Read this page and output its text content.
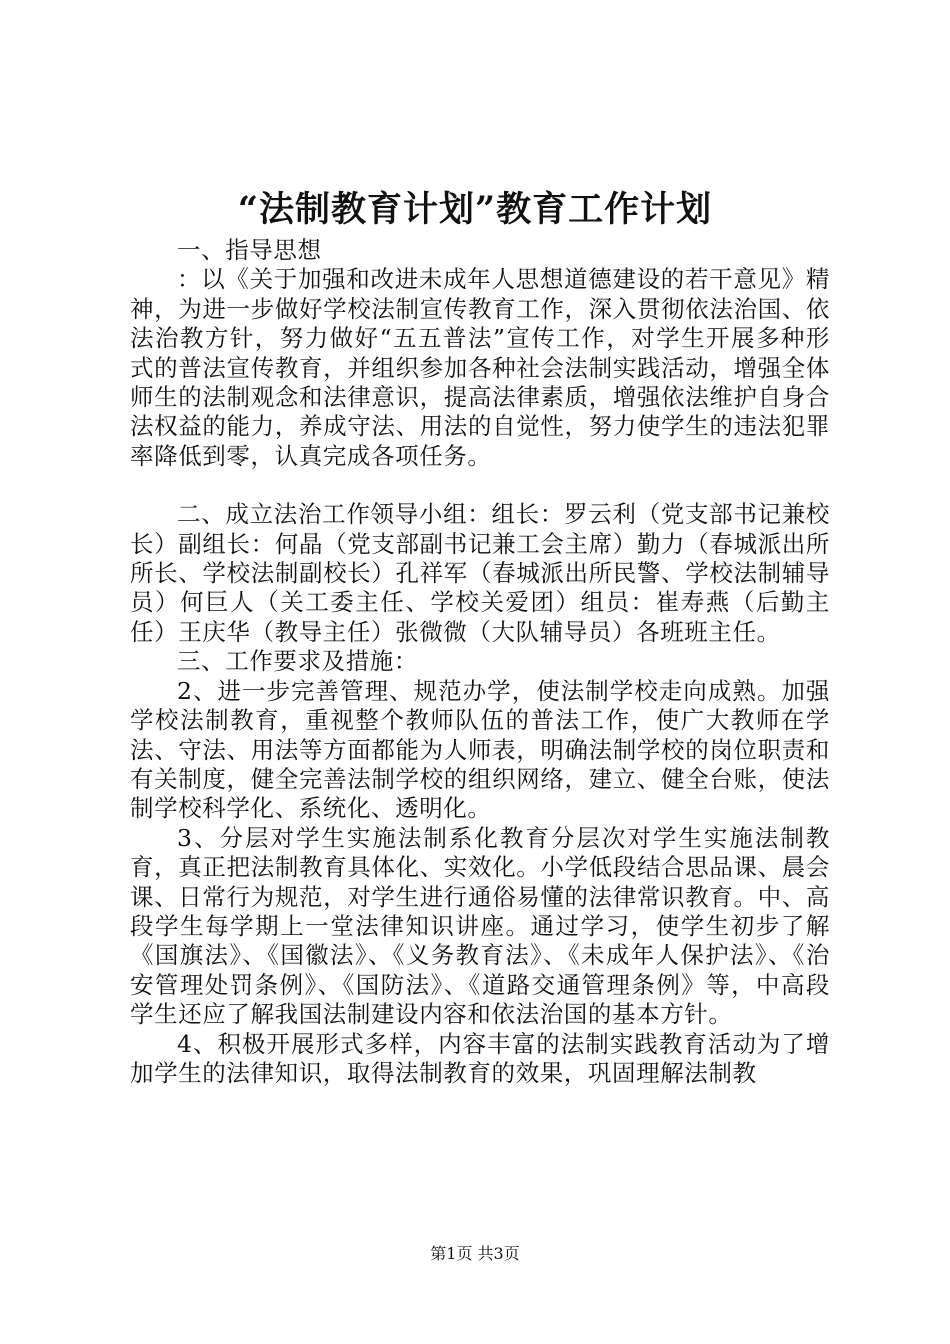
“法制教育计划”教育工作计划

一、指导思想

：以《关于加强和改进未成年人思想道德建设的若干意见》精神，为进一步做好学校法制宣传教育工作，深入贯彻依法治国、依法治教方针，努力做好“五五普法”宣传工作，对学生开展多种形式的普法宣传教育，并组织参加各种社会法制实践活动，增强全体师生的法制观念和法律意识，提高法律素质，增强依法维护自身合法权益的能力，养成守法、用法的自觉性，努力使学生的违法犯罪率降低到零，认真完成各项任务。

二、成立法治工作领导小组：组长：罗云利（党支部书记兼校长）副组长：何晶（党支部副书记兼工会主席）勤力（春城派出所所长、学校法制副校长）孔祥军（春城派出所民警、学校法制辅导员）何巨人（关工委主任、学校关爱团）组员：崔寿燕（后勤主任）王庆华（教导主任）张微微（大队辅导员）各班班主任。

三、工作要求及措施：

2、进一步完善管理、规范办学，使法制学校走向成熟。加强学校法制教育，重视整个教师队伍的普法工作，使广大教师在学法、守法、用法等方面都能为人师表，明确法制学校的岗位职责和有关制度，健全完善法制学校的组织网络，建立、健全台账，使法制学校科学化、系统化、透明化。

3、分层对学生实施法制系化教育分层次对学生实施法制教育，真正把法制教育具体化、实效化。小学低段结合思品课、晨会课、日常行为规范，对学生进行通俗易懂的法律常识教育。中、高段学生每学期上一堂法律知识讲座。通过学习，使学生初步了解《国旗法》、《国徽法》、《义务教育法》、《未成年人保护法》、《治安管理处罚条例》、《国防法》、《道路交通管理条例》等，中高段学生还应了解我国法制建设内容和依法治国的基本方针。

4、积极开展形式多样，内容丰富的法制实践教育活动为了增加学生的法律知识，取得法制教育的效果，巩固理解法制教

第1页 共3页
